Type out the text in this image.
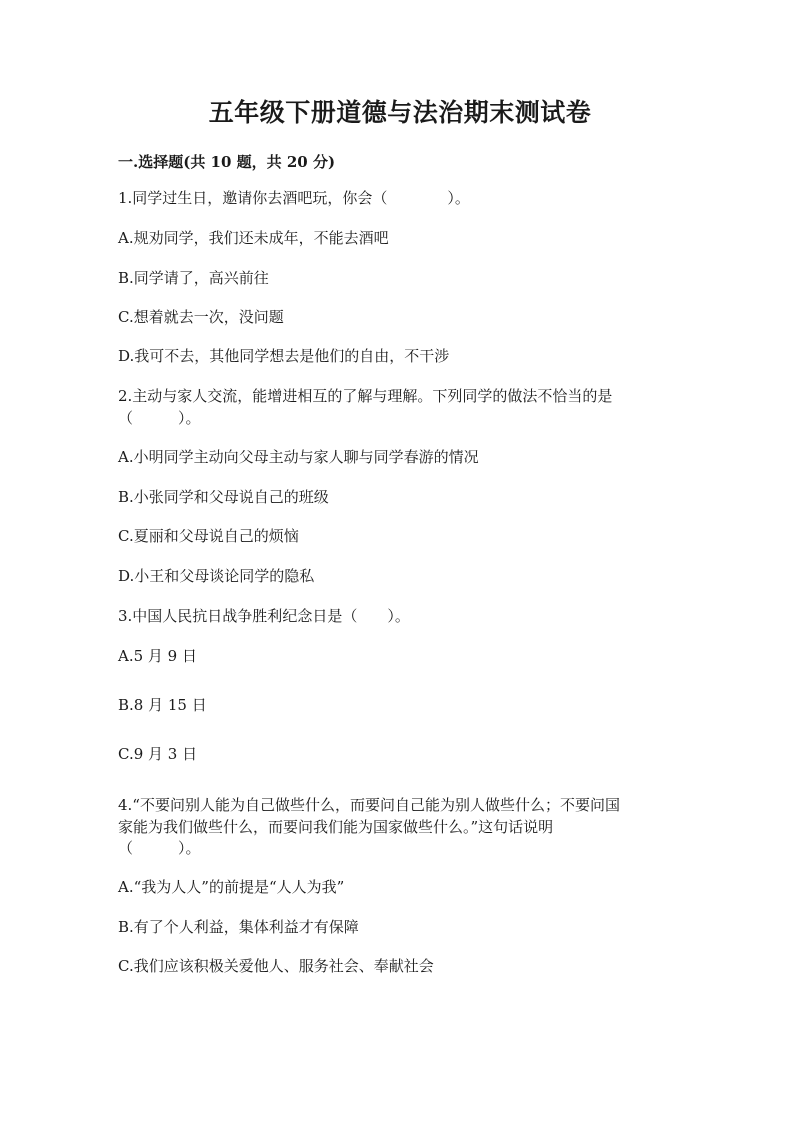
五年级下册道德与法治期末测试卷
一.选择题(共 10 题，共 20 分)
1.同学过生日，邀请你去酒吧玩，你会（　　　　）。
A.规劝同学，我们还未成年，不能去酒吧
B.同学请了，高兴前往
C.想着就去一次，没问题
D.我可不去，其他同学想去是他们的自由，不干涉
2.主动与家人交流，能增进相互的了解与理解。下列同学的做法不恰当的是
（　　　）。
A.小明同学主动向父母主动与家人聊与同学春游的情况
B.小张同学和父母说自己的班级
C.夏丽和父母说自己的烦恼
D.小王和父母谈论同学的隐私
3.中国人民抗日战争胜利纪念日是（　　）。
A.5 月 9 日
B.8 月 15 日
C.9 月 3 日
4.“不要问别人能为自己做些什么，而要问自己能为别人做些什么；不要问国
家能为我们做些什么，而要问我们能为国家做些什么。”这句话说明
（　　　）。
A.“我为人人”的前提是“人人为我”
B.有了个人利益，集体利益才有保障
C.我们应该积极关爱他人、服务社会、奉献社会
